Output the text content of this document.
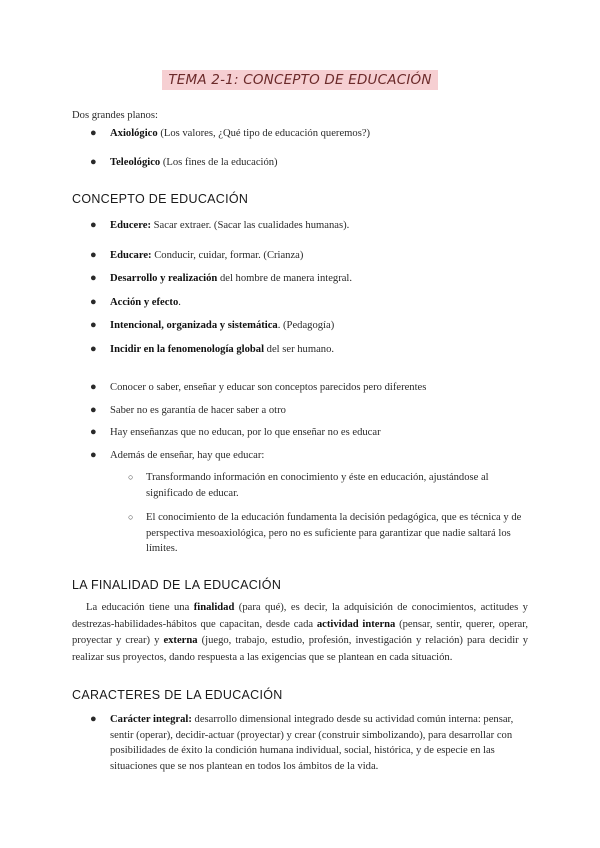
TEMA 2-1: CONCEPTO DE EDUCACIÓN
Dos grandes planos:
● Axiológico (Los valores, ¿Qué tipo de educación queremos?)
● Teleológico (Los fines de la educación)
CONCEPTO DE EDUCACIÓN
● Educere: Sacar extraer. (Sacar las cualidades humanas).
● Educare: Conducir, cuidar, formar. (Crianza)
● Desarrollo y realización del hombre de manera integral.
● Acción y efecto.
● Intencional, organizada y sistemática. (Pedagogía)
● Incidir en la fenomenología global del ser humano.
● Conocer o saber, enseñar y educar son conceptos parecidos pero diferentes
● Saber no es garantía de hacer saber a otro
● Hay enseñanzas que no educan, por lo que enseñar no es educar
● Además de enseñar, hay que educar:
○ Transformando información en conocimiento y éste en educación, ajustándose al significado de educar.
○ El conocimiento de la educación fundamenta la decisión pedagógica, que es técnica y de perspectiva mesoaxiológica, pero no es suficiente para garantizar que nadie saltará los límites.
LA FINALIDAD DE LA EDUCACIÓN
La educación tiene una finalidad (para qué), es decir, la adquisición de conocimientos, actitudes y destrezas-habilidades-hábitos que capacitan, desde cada actividad interna (pensar, sentir, querer, operar, proyectar y crear) y externa (juego, trabajo, estudio, profesión, investigación y relación) para decidir y realizar sus proyectos, dando respuesta a las exigencias que se plantean en cada situación.
CARACTERES DE LA EDUCACIÓN
● Carácter integral: desarrollo dimensional integrado desde su actividad común interna: pensar, sentir (operar), decidir-actuar (proyectar) y crear (construir simbolizando), para desarrollar con posibilidades de éxito la condición humana individual, social, histórica, y de especie en las situaciones que se nos plantean en todos los ámbitos de la vida.
